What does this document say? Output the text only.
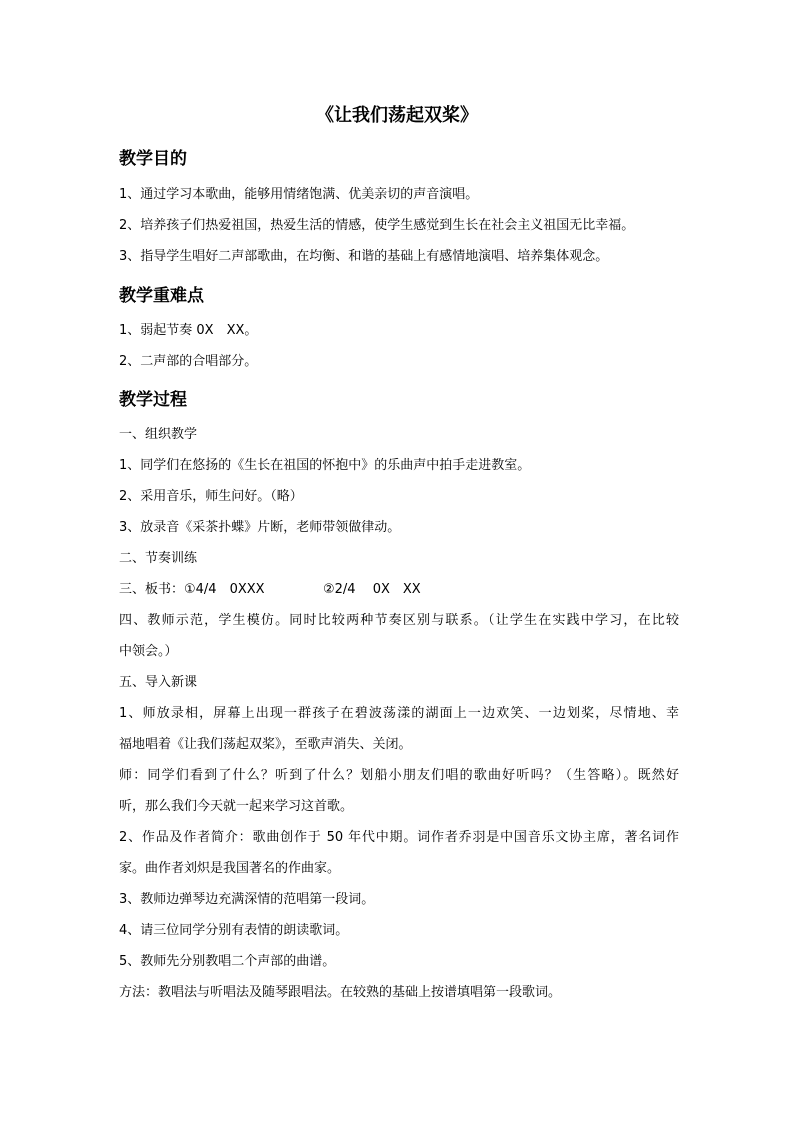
《让我们荡起双桨》
教学目的
1、通过学习本歌曲，能够用情绪饱满、优美亲切的声音演唱。
2、培养孩子们热爱祖国，热爱生活的情感，使学生感觉到生长在社会主义祖国无比幸福。
3、指导学生唱好二声部歌曲，在均衡、和谐的基础上有感情地演唱、培养集体观念。
教学重难点
1、弱起节奏 0X　XX。
2、二声部的合唱部分。
教学过程
一、组织教学
1、同学们在悠扬的《生长在祖国的怀抱中》的乐曲声中拍手走进教室。
2、采用音乐，师生问好。（略）
3、放录音《采茶扑蝶》片断，老师带领做律动。
二、节奏训练
三、板书：①4/4　0XXX	②2/4　 0X　XX
四、教师示范，学生模仿。同时比较两种节奏区别与联系。（让学生在实践中学习，在比较
中领会。）
五、导入新课
1、师放录相，屏幕上出现一群孩子在碧波荡漾的湖面上一边欢笑、一边划桨，尽情地、幸
福地唱着《让我们荡起双桨》，至歌声消失、关闭。
师：同学们看到了什么？听到了什么？划船小朋友们唱的歌曲好听吗？（生答略）。既然好
听，那么我们今天就一起来学习这首歌。
2、作品及作者简介：歌曲创作于 50 年代中期。词作者乔羽是中国音乐文协主席，著名词作
家。曲作者刘炽是我国著名的作曲家。
3、教师边弹琴边充满深情的范唱第一段词。
4、请三位同学分别有表情的朗读歌词。
5、教师先分别教唱二个声部的曲谱。
方法：教唱法与听唱法及随琴跟唱法。在较熟的基础上按谱填唱第一段歌词。
